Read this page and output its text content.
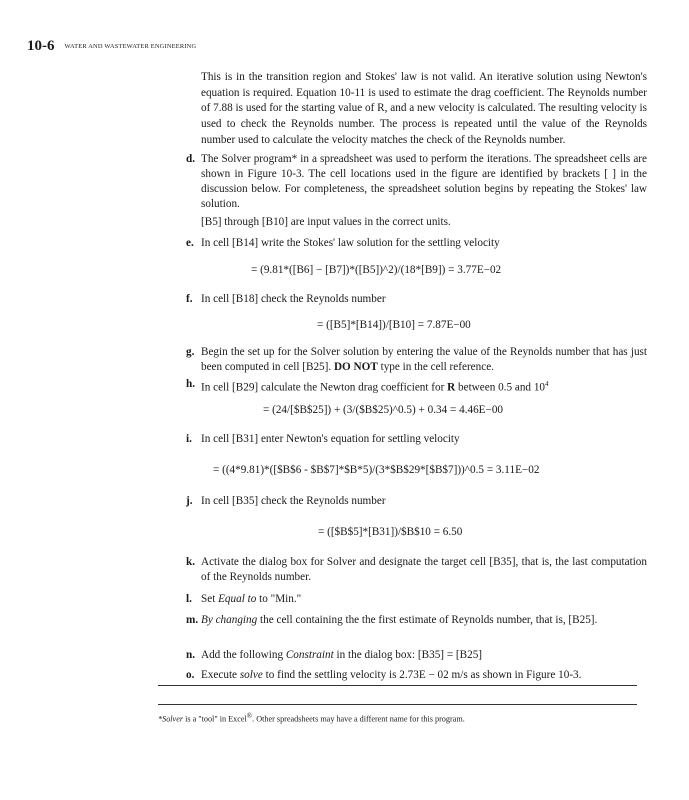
10-6 WATER AND WASTEWATER ENGINEERING

This is in the transition region and Stokes' law is not valid. An iterative solution using Newton's equation is required. Equation 10-11 is used to estimate the drag coefficient. The Reynolds number of 7.88 is used for the starting value of R, and a new velocity is calculated. The resulting velocity is used to check the Reynolds number. The process is repeated until the value of the Reynolds number used to calculate the velocity matches the check of the Reynolds number.

d. The Solver program* in a spreadsheet was used to perform the iterations. The spreadsheet cells are shown in Figure 10-3. The cell locations used in the figure are identified by brackets [ ] in the discussion below. For completeness, the spreadsheet solution begins by repeating the Stokes' law solution.

[B5] through [B10] are input values in the correct units.

e. In cell [B14] write the Stokes' law solution for the settling velocity
= (9.81*([B6] − [B7])*([B5])^2)/(18*[B9]) = 3.77E−02
f. In cell [B18] check the Reynolds number
= ([B5]*[B14])/[B10] = 7.87E−00
g. Begin the set up for the Solver solution by entering the value of the Reynolds number that has just been computed in cell [B25]. DO NOT type in the cell reference.
h. In cell [B29] calculate the Newton drag coefficient for R between 0.5 and $10^4$
= (24/[$B$25]) + (3/($B$25)^0.5) + 0.34 = 4.46E−00
i. In cell [B31] enter Newton's equation for settling velocity
= ((4*9.81)*([$B$6 - $B$7]*$B*5)/(3*$B$29*[$B$7]))^0.5 = 3.11E−02
j. In cell [B35] check the Reynolds number
= ([$B$5]*[B31])/$B$10 = 6.50
k. Activate the dialog box for Solver and designate the target cell [B35], that is, the last computation of the Reynolds number.
l. Set Equal to to "Min."
m. By changing the cell containing the the first estimate of Reynolds number, that is, [B25].
n. Add the following Constraint in the dialog box: [B35] = [B25]
o. Execute solve to find the settling velocity is 2.73E − 02 m/s as shown in Figure 10-3.
*Solver is a "tool" in Excel®. Other spreadsheets may have a different name for this program.
